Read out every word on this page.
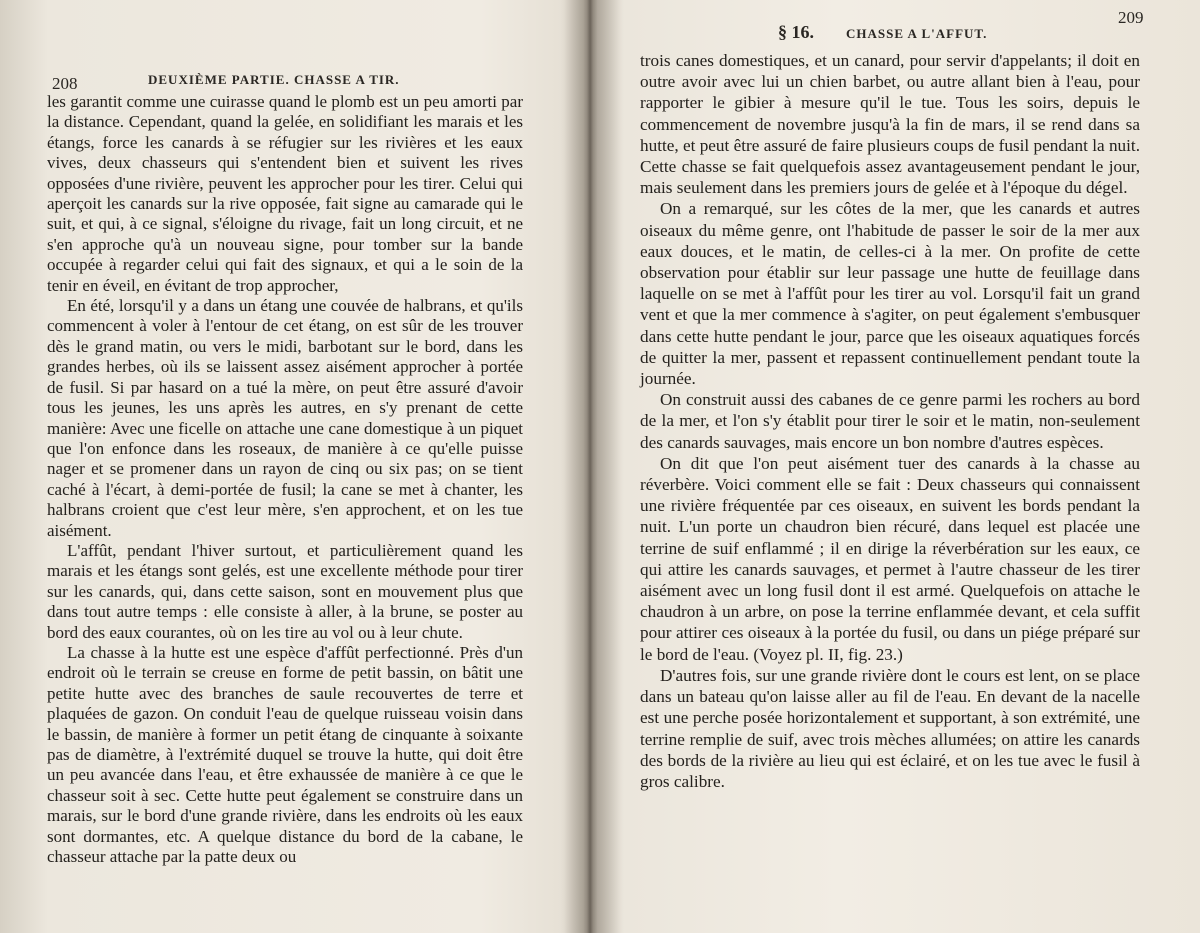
208	DEUXIÈME PARTIE. CHASSE A TIR.

les garantit comme une cuirasse quand le plomb est un peu amorti par la distance. Cependant, quand la gelée, en solidifiant les marais et les étangs, force les canards à se réfugier sur les rivières et les eaux vives, deux chasseurs qui s'entendent bien et suivent les rives opposées d'une rivière, peuvent les approcher pour les tirer. Celui qui aperçoit les canards sur la rive opposée, fait signe au camarade qui le suit, et qui, à ce signal, s'éloigne du rivage, fait un long circuit, et ne s'en approche qu'à un nouveau signe, pour tomber sur la bande occupée à regarder celui qui fait des signaux, et qui a le soin de la tenir en éveil, en évitant de trop approcher,

En été, lorsqu'il y a dans un étang une couvée de halbrans, et qu'ils commencent à voler à l'entour de cet étang, on est sûr de les trouver dès le grand matin, ou vers le midi, barbotant sur le bord, dans les grandes herbes, où ils se laissent assez aisément approcher à portée de fusil. Si par hasard on a tué la mère, on peut être assuré d'avoir tous les jeunes, les uns après les autres, en s'y prenant de cette manière: Avec une ficelle on attache une cane domestique à un piquet que l'on enfonce dans les roseaux, de manière à ce qu'elle puisse nager et se promener dans un rayon de cinq ou six pas; on se tient caché à l'écart, à demi-portée de fusil; la cane se met à chanter, les halbrans croient que c'est leur mère, s'en approchent, et on les tue aisément.

L'affût, pendant l'hiver surtout, et particulièrement quand les marais et les étangs sont gelés, est une excellente méthode pour tirer sur les canards, qui, dans cette saison, sont en mouvement plus que dans tout autre temps : elle consiste à aller, à la brune, se poster au bord des eaux courantes, où on les tire au vol ou à leur chute.

La chasse à la hutte est une espèce d'affût perfectionné. Près d'un endroit où le terrain se creuse en forme de petit bassin, on bâtit une petite hutte avec des branches de saule recouvertes de terre et plaquées de gazon. On conduit l'eau de quelque ruisseau voisin dans le bassin, de manière à former un petit étang de cinquante à soixante pas de diamètre, à l'extrémité duquel se trouve la hutte, qui doit être un peu avancée dans l'eau, et être exhaussée de manière à ce que le chasseur soit à sec. Cette hutte peut également se construire dans un marais, sur le bord d'une grande rivière, dans les endroits où les eaux sont dormantes, etc. A quelque distance du bord de la cabane, le chasseur attache par la patte deux ou

§ 16. CHASSE A L'AFFUT.
209

trois canes domestiques, et un canard, pour servir d'appelants; il doit en outre avoir avec lui un chien barbet, ou autre allant bien à l'eau, pour rapporter le gibier à mesure qu'il le tue. Tous les soirs, depuis le commencement de novembre jusqu'à la fin de mars, il se rend dans sa hutte, et peut être assuré de faire plusieurs coups de fusil pendant la nuit. Cette chasse se fait quelquefois assez avantageusement pendant le jour, mais seulement dans les premiers jours de gelée et à l'époque du dégel.

On a remarqué, sur les côtes de la mer, que les canards et autres oiseaux du même genre, ont l'habitude de passer le soir de la mer aux eaux douces, et le matin, de celles-ci à la mer. On profite de cette observation pour établir sur leur passage une hutte de feuillage dans laquelle on se met à l'affût pour les tirer au vol. Lorsqu'il fait un grand vent et que la mer commence à s'agiter, on peut également s'embusquer dans cette hutte pendant le jour, parce que les oiseaux aquatiques forcés de quitter la mer, passent et repassent continuellement pendant toute la journée.

On construit aussi des cabanes de ce genre parmi les rochers au bord de la mer, et l'on s'y établit pour tirer le soir et le matin, non-seulement des canards sauvages, mais encore un bon nombre d'autres espèces.

On dit que l'on peut aisément tuer des canards à la chasse au réverbère. Voici comment elle se fait : Deux chasseurs qui connaissent une rivière fréquentée par ces oiseaux, en suivent les bords pendant la nuit. L'un porte un chaudron bien récuré, dans lequel est placée une terrine de suif enflammé ; il en dirige la réverbération sur les eaux, ce qui attire les canards sauvages, et permet à l'autre chasseur de les tirer aisément avec un long fusil dont il est armé. Quelquefois on attache le chaudron à un arbre, on pose la terrine enflammée devant, et cela suffit pour attirer ces oiseaux à la portée du fusil, ou dans un piége préparé sur le bord de l'eau. (Voyez pl. II, fig. 23.)

D'autres fois, sur une grande rivière dont le cours est lent, on se place dans un bateau qu'on laisse aller au fil de l'eau. En devant de la nacelle est une perche posée horizontalement et supportant, à son extrémité, une terrine remplie de suif, avec trois mèches allumées; on attire les canards des bords de la rivière au lieu qui est éclairé, et on les tue avec le fusil à gros calibre.
